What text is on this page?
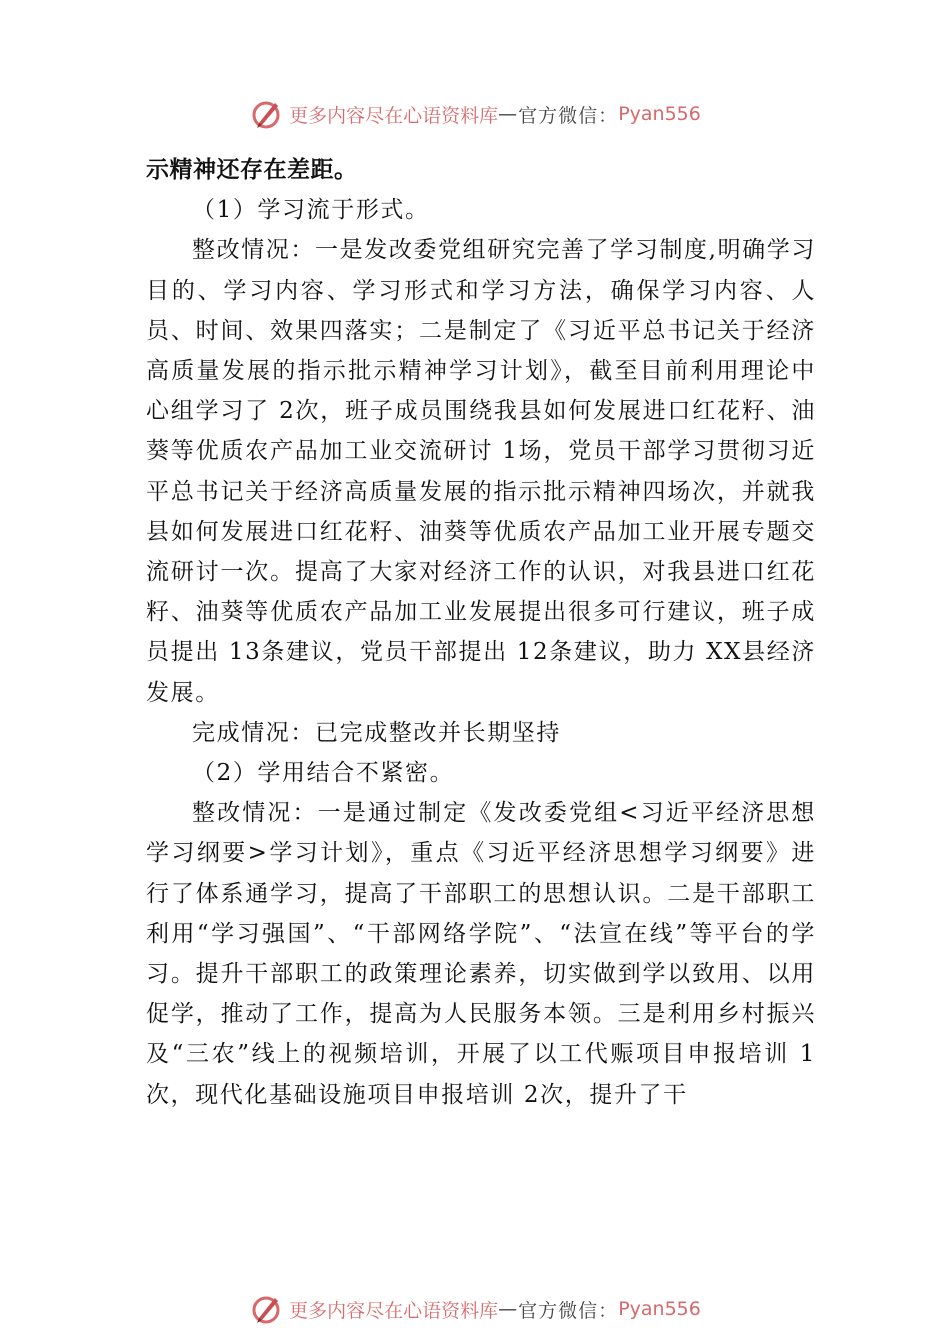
更多内容尽在心语资料库 — 官方微信： Pyan556

示精神还存在差距。

（1）学习流于形式。

整改情况：一是发改委党组研究完善了学习制度,明确学习目的、学习内容、学习形式和学习方法，确保学习内容、人员、时间、效果四落实；二是制定了《习近平总书记关于经济高质量发展的指示批示精神学习计划》，截至目前利用理论中心组学习了 2次，班子成员围绕我县如何发展进口红花籽、油葵等优质农产品加工业交流研讨 1场，党员干部学习贯彻习近平总书记关于经济高质量发展的指示批示精神四场次，并就我县如何发展进口红花籽、油葵等优质农产品加工业开展专题交流研讨一次。提高了大家对经济工作的认识，对我县进口红花籽、油葵等优质农产品加工业发展提出很多可行建议，班子成员提出 13条建议，党员干部提出 12条建议，助力 XX县经济发展。

完成情况：已完成整改并长期坚持

（2）学用结合不紧密。

整改情况：一是通过制定《发改委党组<习近平经济思想学习纲要>学习计划》，重点《习近平经济思想学习纲要》进行了体系通学习，提高了干部职工的思想认识。二是干部职工利用“学习强国”、“干部网络学院”、“法宣在线”等平台的学习。提升干部职工的政策理论素养，切实做到学以致用、以用促学，推动了工作，提高为人民服务本领。三是利用乡村振兴及“三农”线上的视频培训，开展了以工代赈项目申报培训 1次，现代化基础设施项目申报培训 2次，提升了干

更多内容尽在心语资料库 — 官方微信： Pyan556
